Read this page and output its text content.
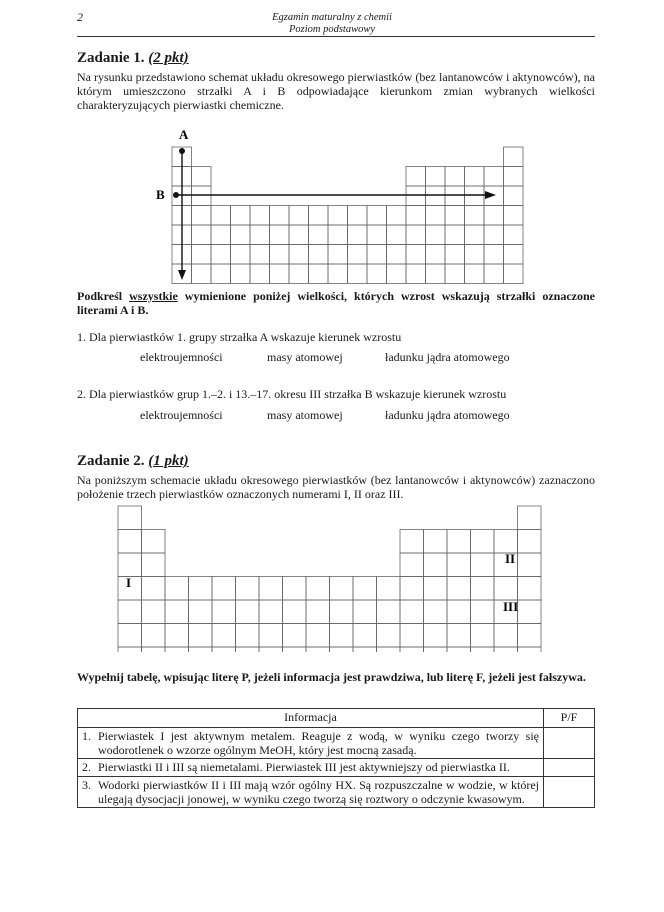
2	Egzamin maturalny z chemii
Poziom podstawowy
Zadanie 1. (2 pkt)
Na rysunku przedstawiono schemat układu okresowego pierwiastków (bez lantanowców i aktynowców), na którym umieszczono strzałki A i B odpowiadające kierunkom zmian wybranych wielkości charakteryzujących pierwiastki chemiczne.
A
B
Podkreśl wszystkie wymienione poniżej wielkości, których wzrost wskazują strzałki oznaczone literami A i B.
1. Dla pierwiastków 1. grupy strzałka A wskazuje kierunek wzrostu
elektroujemności	masy atomowej	ładunku jądra atomowego
2. Dla pierwiastków grup 1.–2. i 13.–17. okresu III strzałka B wskazuje kierunek wzrostu
elektroujemności	masy atomowej	ładunku jądra atomowego
Zadanie 2. (1 pkt)
Na poniższym schemacie układu okresowego pierwiastków (bez lantanowców i aktynowców) zaznaczono położenie trzech pierwiastków oznaczonych numerami I, II oraz III.
I
II
III
Wypełnij tabelę, wpisując literę P, jeżeli informacja jest prawdziwa, lub literę F, jeżeli jest fałszywa.
Informacja		P/F
1.	Pierwiastek I jest aktywnym metalem. Reaguje z wodą, w wyniku czego tworzy się wodorotlenek o wzorze ogólnym MeOH, który jest mocną zasadą.	
2.	Pierwiastki II i III są niemetalami. Pierwiastek III jest aktywniejszy od pierwiastka II.	
3.	Wodorki pierwiastków II i III mają wzór ogólny HX. Są rozpuszczalne w wodzie, w której ulegają dysocjacji jonowej, w wyniku czego tworzą się roztwory o odczynie kwasowym.	
